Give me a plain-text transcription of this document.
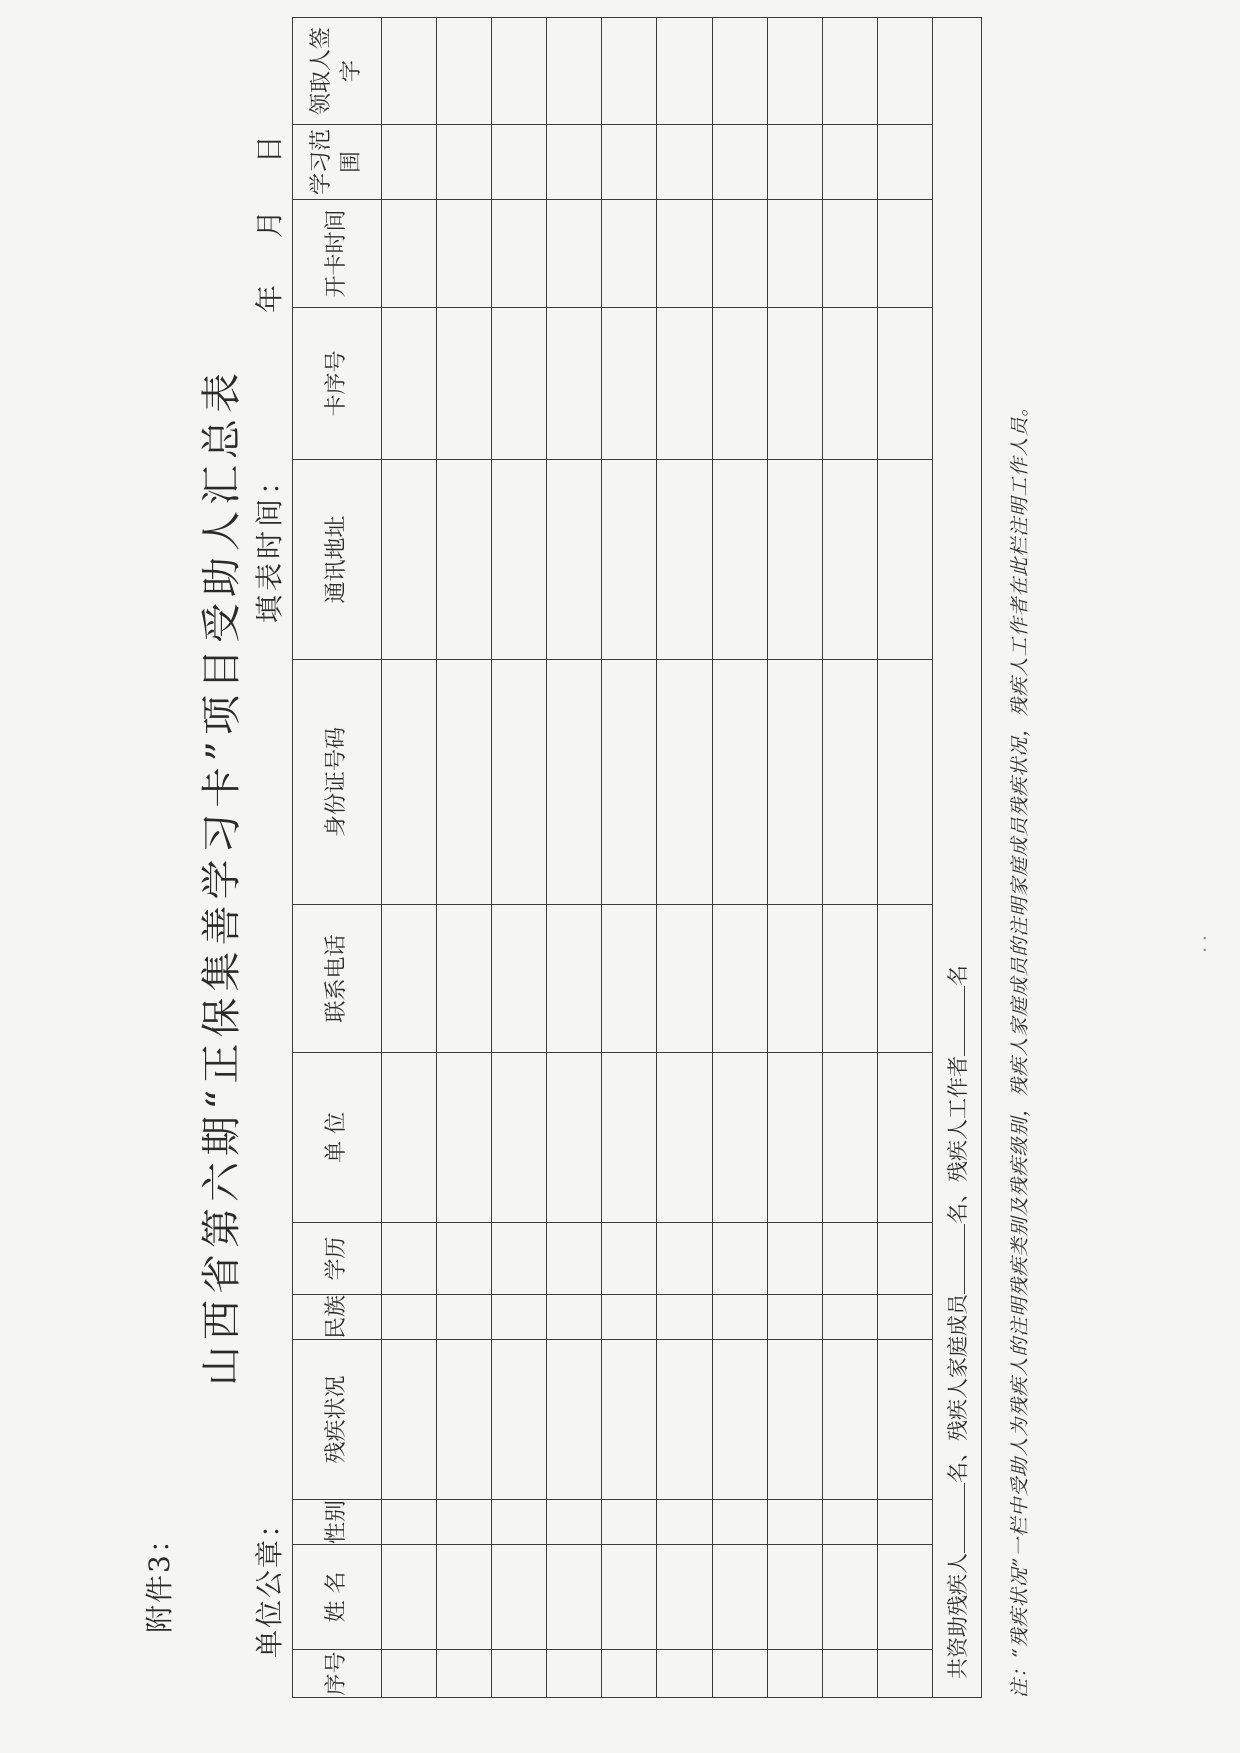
⋅ ⋅
附件3：
山西省第六期“正保集善学习卡”项目受助人汇总表
单位公章：
填表时间：
年 月 日
序号	姓 名	性别	残疾状况	民族	学历	单 位	联系电话	身份证号码	通讯地址	卡序号	开卡时间	学习范围	领取人签字

共资助残疾人名、残疾人家庭成员名、残疾人工作者名													注：“残疾状况”一栏中受助人为残疾人的注明残疾类别及残疾级别，残疾人家庭成员的注明家庭成员残疾状况，残疾人工作者在此栏注明工作人员。
